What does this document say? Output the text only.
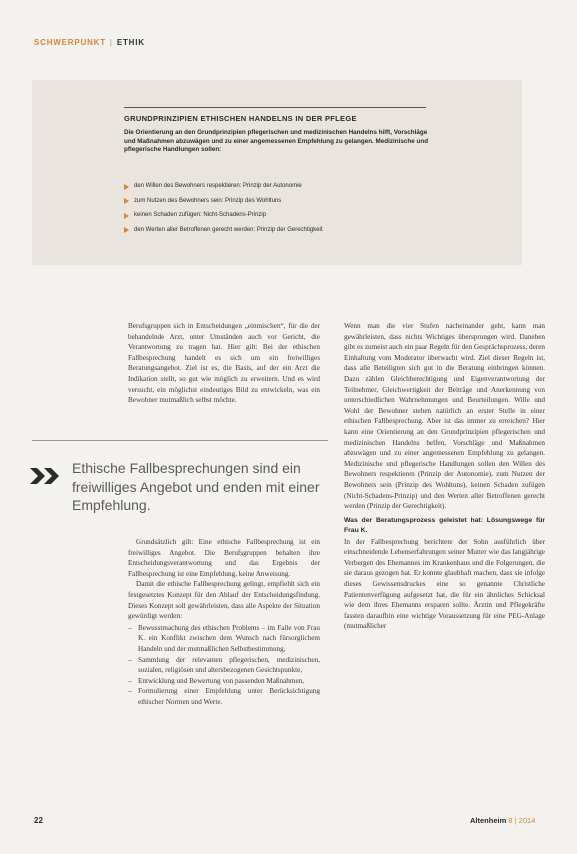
SCHWERPUNKT | ETHIK
GRUNDPRINZIPIEN ETHISCHEN HANDELNS IN DER PFLEGE

Die Orientierung an den Grundprinzipien pflegerischen und medizinischen Handelns hilft, Vorschläge und Maßnahmen abzuwägen und zu einer angemessenen Empfehlung zu gelangen. Medizinische und pflegerische Handlungen sollen:

den Willen des Bewohners respektieren: Prinzip der Autonomie
zum Nutzen des Bewohners sein: Prinzip des Wohltuns
keinen Schaden zufügen: Nicht-Schadens-Prinzip
den Werten aller Betroffenen gerecht werden: Prinzip der Gerechtigkeit

Berufsgruppen sich in Entscheidungen „einmischen“, für die der behandelnde Arzt, unter Umständen auch vor Gericht, die Verantwortung zu tragen hat. Hier gilt: Bei der ethischen Fallbesprechung handelt es sich um ein freiwilliges Beratungsangebot. Ziel ist es, die Basis, auf der ein Arzt die Indikation stellt, so gut wie möglich zu erweitern. Und es wird versucht, ein möglichst eindeutiges Bild zu entwickeln, was ein Bewohner mutmaßlich selbst möchte.

Ethische Fallbesprechungen sind ein freiwilliges Angebot und enden mit einer Empfehlung.

Grundsätzlich gilt: Eine ethische Fallbesprechung ist ein freiwilliges Angebot. Die Berufsgruppen behalten ihre Entscheidungsverantwortung und das Ergebnis der Fallbesprechung ist eine Empfehlung, keine Anweisung.

Damit die ethische Fallbesprechung gelingt, empfiehlt sich ein festgesetztes Konzept für den Ablauf der Entscheidungsfindung. Dieses Konzept soll gewährleisten, dass alle Aspekte der Situation gewürdigt werden:

– Bewusstmachung des ethischen Problems – im Falle von Frau K. ein Konflikt zwischen dem Wunsch nach fürsorglichem Handeln und der mutmaßlichen Selbstbestimmung,
– Sammlung der relevanten pflegerischen, medizinischen, sozialen, religiösen und altersbezogenen Gesichtspunkte,
– Entwicklung und Bewertung von passenden Maßnahmen,
– Formulierung einer Empfehlung unter Berücksichtigung ethischer Normen und Werte.

Wenn man die vier Stufen nacheinander geht, kann man gewährleisten, dass nichts Wichtiges übersprungen wird. Daneben gibt es zumeist auch ein paar Regeln für den Gesprächsprozess, deren Einhaltung vom Moderator überwacht wird. Ziel dieser Regeln ist, dass alle Beteiligten sich gut in die Beratung einbringen können. Dazu zählen Gleichberechtigung und Eigenverantwortung der Teilnehmer, Gleichwertigkeit der Beiträge und Anerkennung von unterschiedlichen Wahrnehmungen und Beurteilungen. Wille und Wohl der Bewohner stehen natürlich an erster Stelle in einer ethischen Fallbesprechung. Aber ist das immer zu erreichen? Hier kann eine Orientierung an den Grundprinzipien pflegerischen und medizinischen Handelns helfen, Vorschläge und Maßnahmen abzuwägen und zu einer angemessenen Empfehlung zu gelangen. Medizinische und pflegerische Handlungen sollen den Willen des Bewohners respektieren (Prinzip der Autonomie), zum Nutzen der Bewohners sein (Prinzip des Wohltuns), keinen Schaden zufügen (Nicht-Schadens-Prinzip) und den Werten aller Betroffenen gerecht werden (Prinzip der Gerechtigkeit).

Was der Beratungsprozess geleistet hat: Lösungswege für Frau K.

In der Fallbesprechung berichtete der Sohn ausführlich über einschneidende Lebenserfahrungen seiner Mutter wie das langjährige Verbergen des Ehemannes im Krankenhaus und die Folgerungen, die sie daraus gezogen hat. Er konnte glaubhaft machen, dass sie infolge dieses Gewissensdruckes eine so genannte Christliche Patientenverfügung aufgesetzt hat, die für ein ähnliches Schicksal wie dem ihres Ehemanns ersparen sollte. Ärztin und Pflegekräfte fassten daraufhin eine wichtige Voraussetzung für eine PEG-Anlage (mutmaßlicher

22	Altenheim 8 | 2014
